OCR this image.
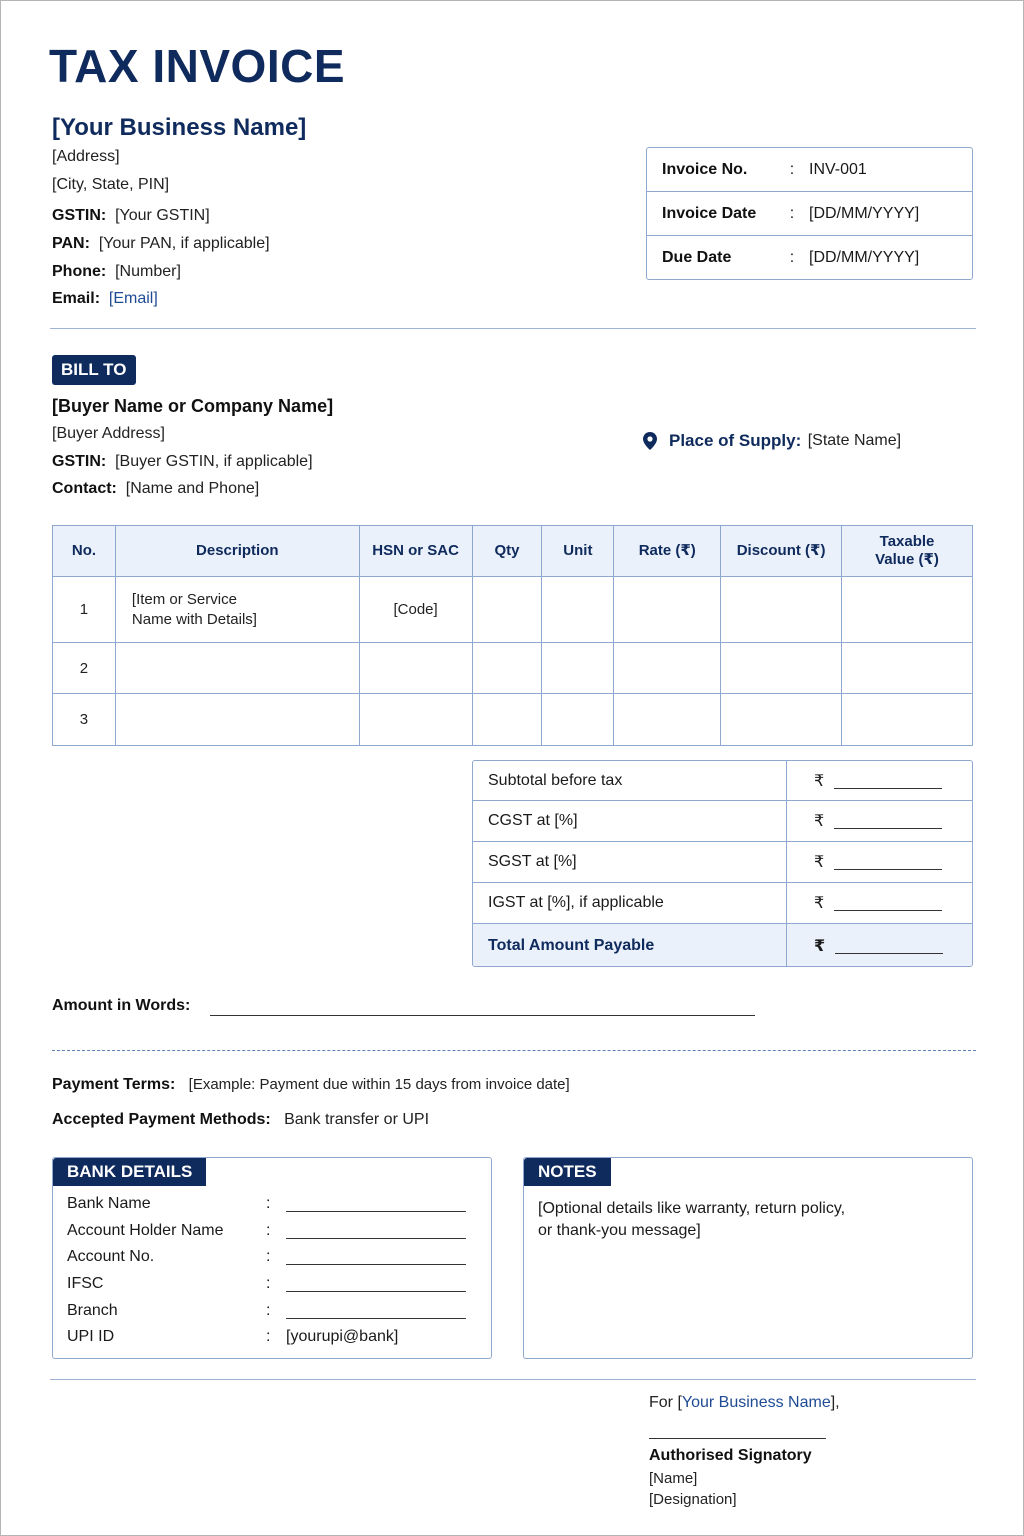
TAX INVOICE
[Your Business Name]
[Address]
[City, State, PIN]
GSTIN: [Your GSTIN]
PAN: [Your PAN, if applicable]
Phone: [Number]
Email: [Email]
Invoice No.	: INV-001
Invoice Date	: [DD/MM/YYYY]
Due Date	: [DD/MM/YYYY]
BILL TO
[Buyer Name or Company Name]
[Buyer Address]
GSTIN: [Buyer GSTIN, if applicable]
Contact: [Name and Phone]
Place of Supply:
[State Name]
No.	Description	HSN or SAC	Qty	Unit	Rate (₹)	Discount (₹)	Taxable Value (₹)
1	[Item or Service Name with Details]	[Code]					
2							
3							
Subtotal before tax	₹
CGST at [%]	₹
SGST at [%]	₹
IGST at [%], if applicable	₹
Total Amount Payable	₹
Amount in Words:
Payment Terms: [Example: Payment due within 15 days from invoice date]
Accepted Payment Methods: Bank transfer or UPI
BANK DETAILS
Bank Name	:
Account Holder Name	:
Account No.	:
IFSC	:
Branch	:
UPI ID	: [yourupi@bank]
NOTES
[Optional details like warranty, return policy,
or thank-you message]
For [Your Business Name],
Authorised Signatory
[Name]
[Designation]
